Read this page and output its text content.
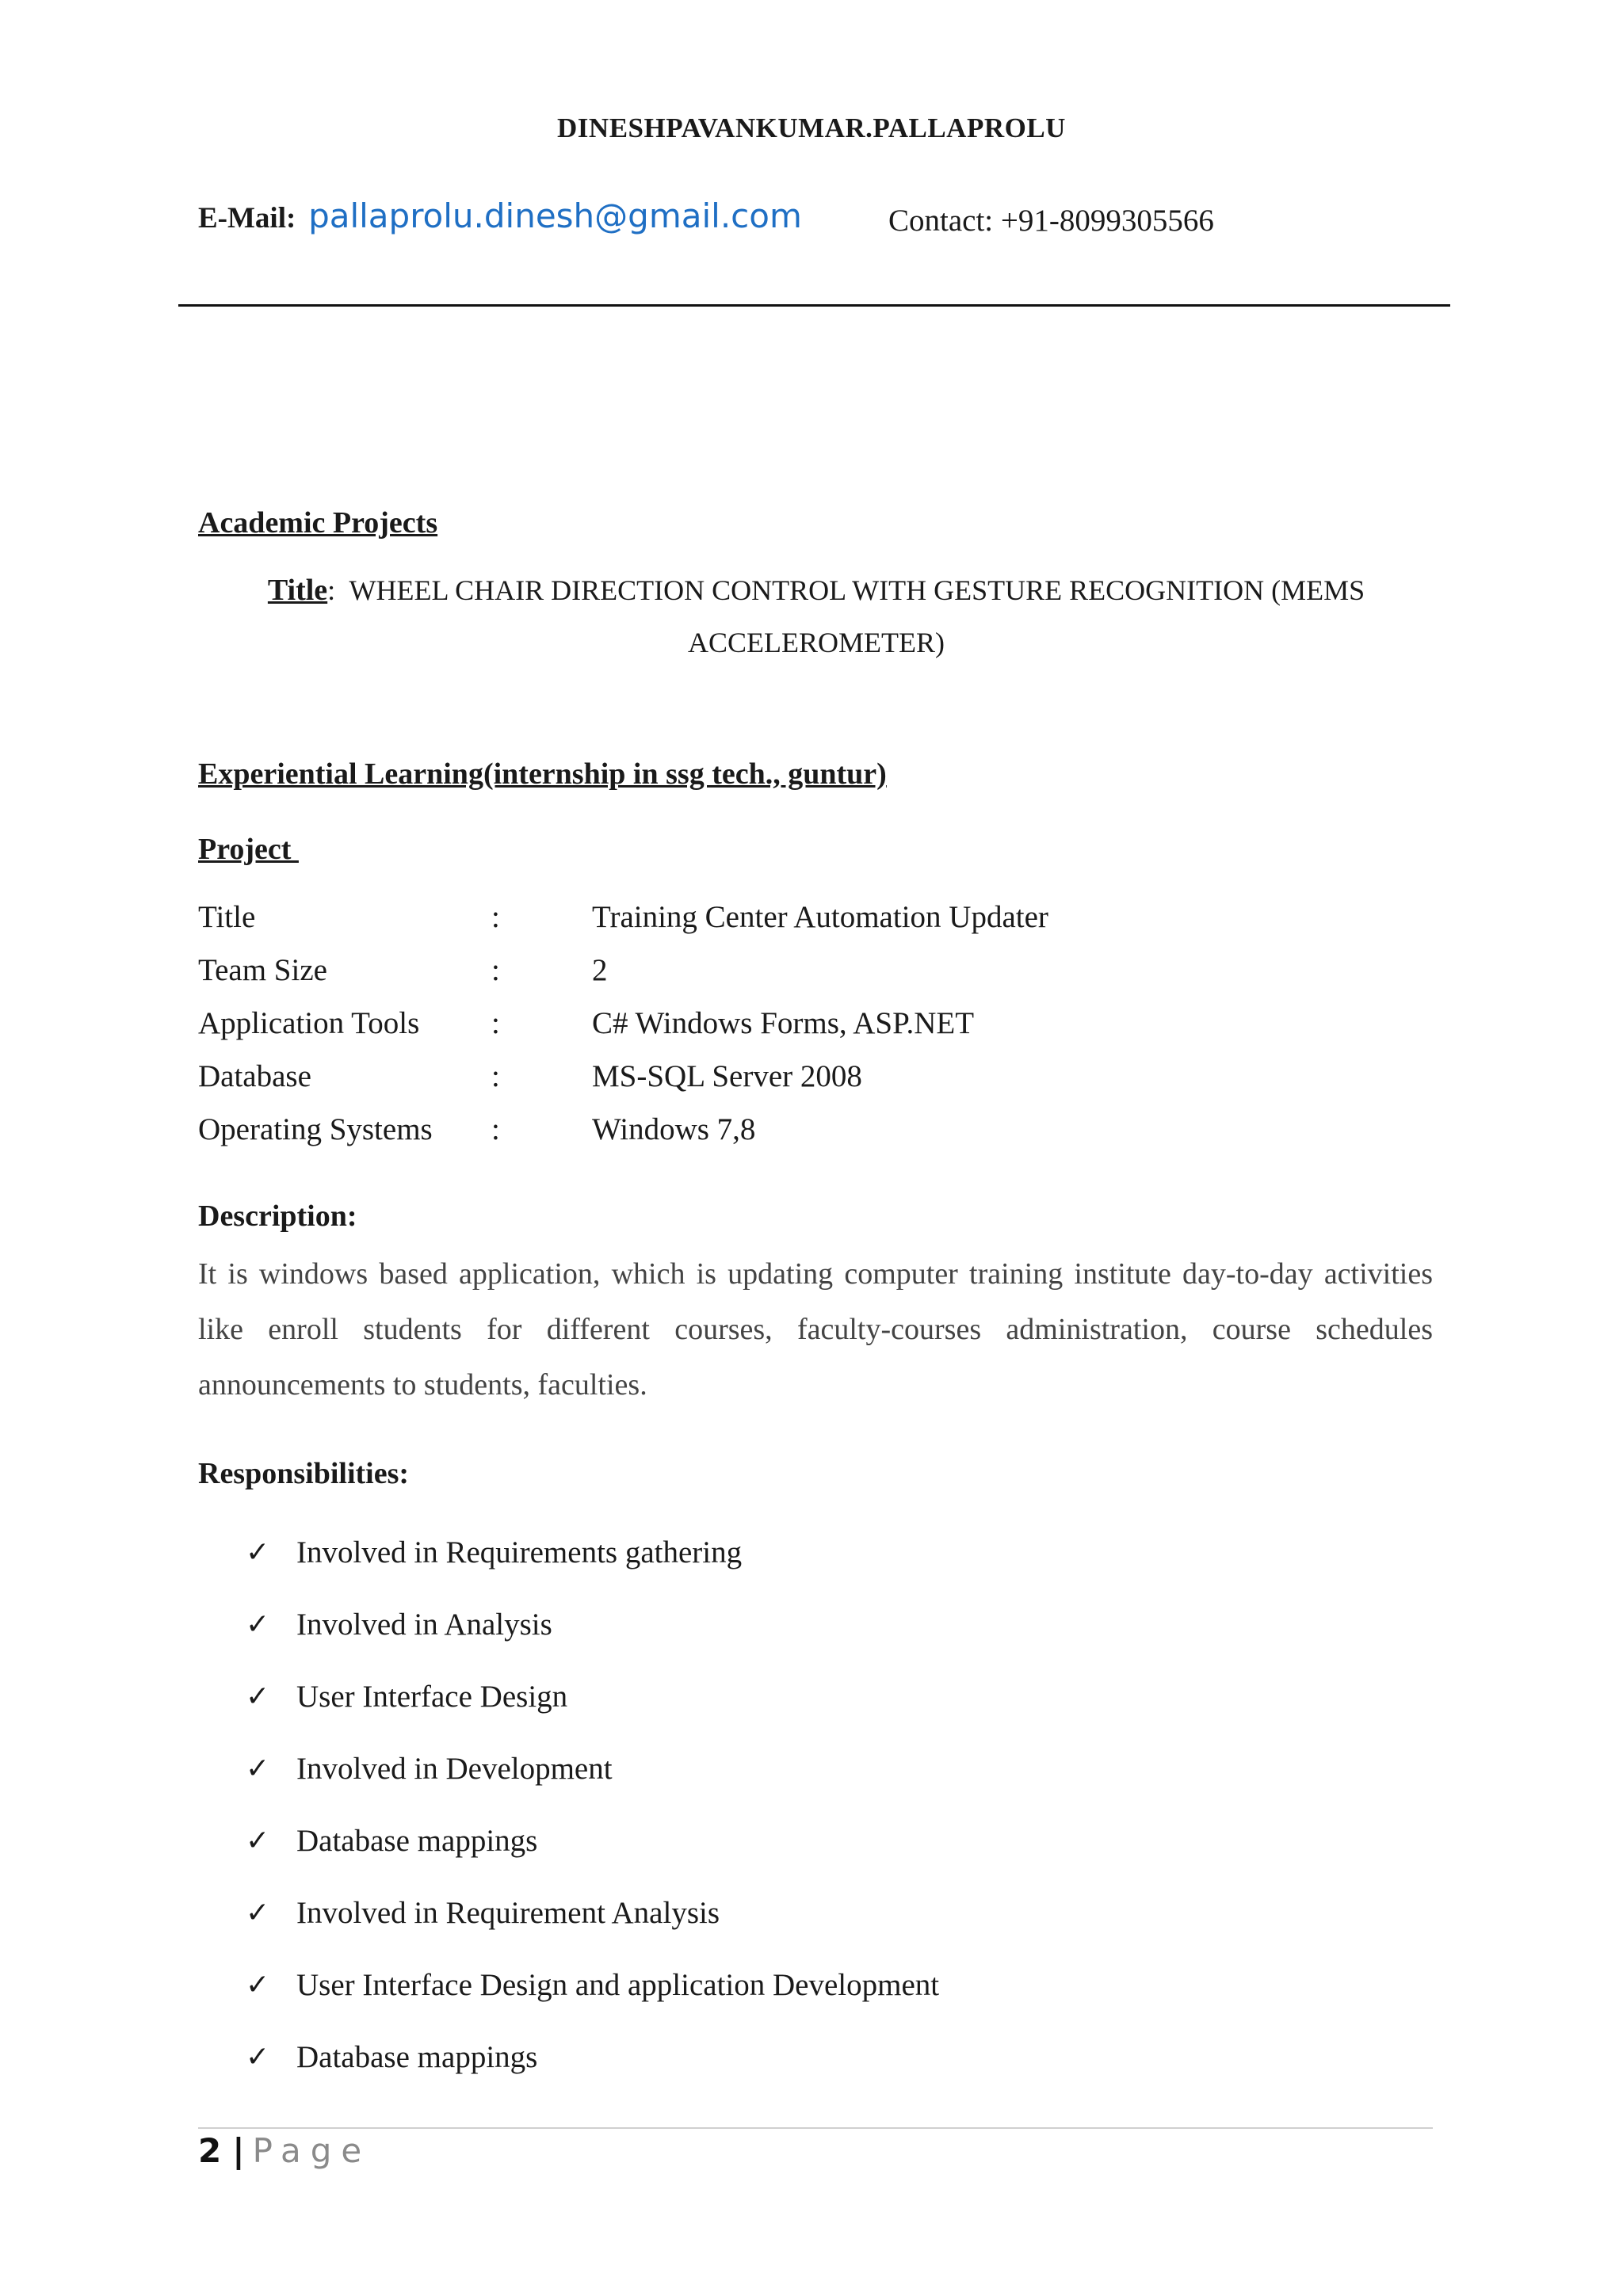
DINESHPAVANKUMAR.PALLAPROLU
E-Mail: pallaprolu.dinesh@gmail.com	Contact: +91-8099305566
Academic Projects
Title: WHEEL CHAIR DIRECTION CONTROL WITH GESTURE RECOGNITION (MEMS
ACCELEROMETER)
Experiential Learning(internship in ssg tech., guntur)
Project
Title	:	Training Center Automation Updater
Team Size	:	2
Application Tools :	C# Windows Forms, ASP.NET
Database	:	MS-SQL Server 2008
Operating Systems :	Windows 7,8
Description:
It is windows based application, which is updating computer training institute day-to-day activities like enroll students for different courses, faculty-courses administration, course schedules announcements to students, faculties.
Responsibilities:
✓ Involved in Requirements gathering
✓ Involved in Analysis
✓ User Interface Design
✓ Involved in Development
✓ Database mappings
✓ Involved in Requirement Analysis
✓ User Interface Design and application Development
✓ Database mappings
2 | Page
